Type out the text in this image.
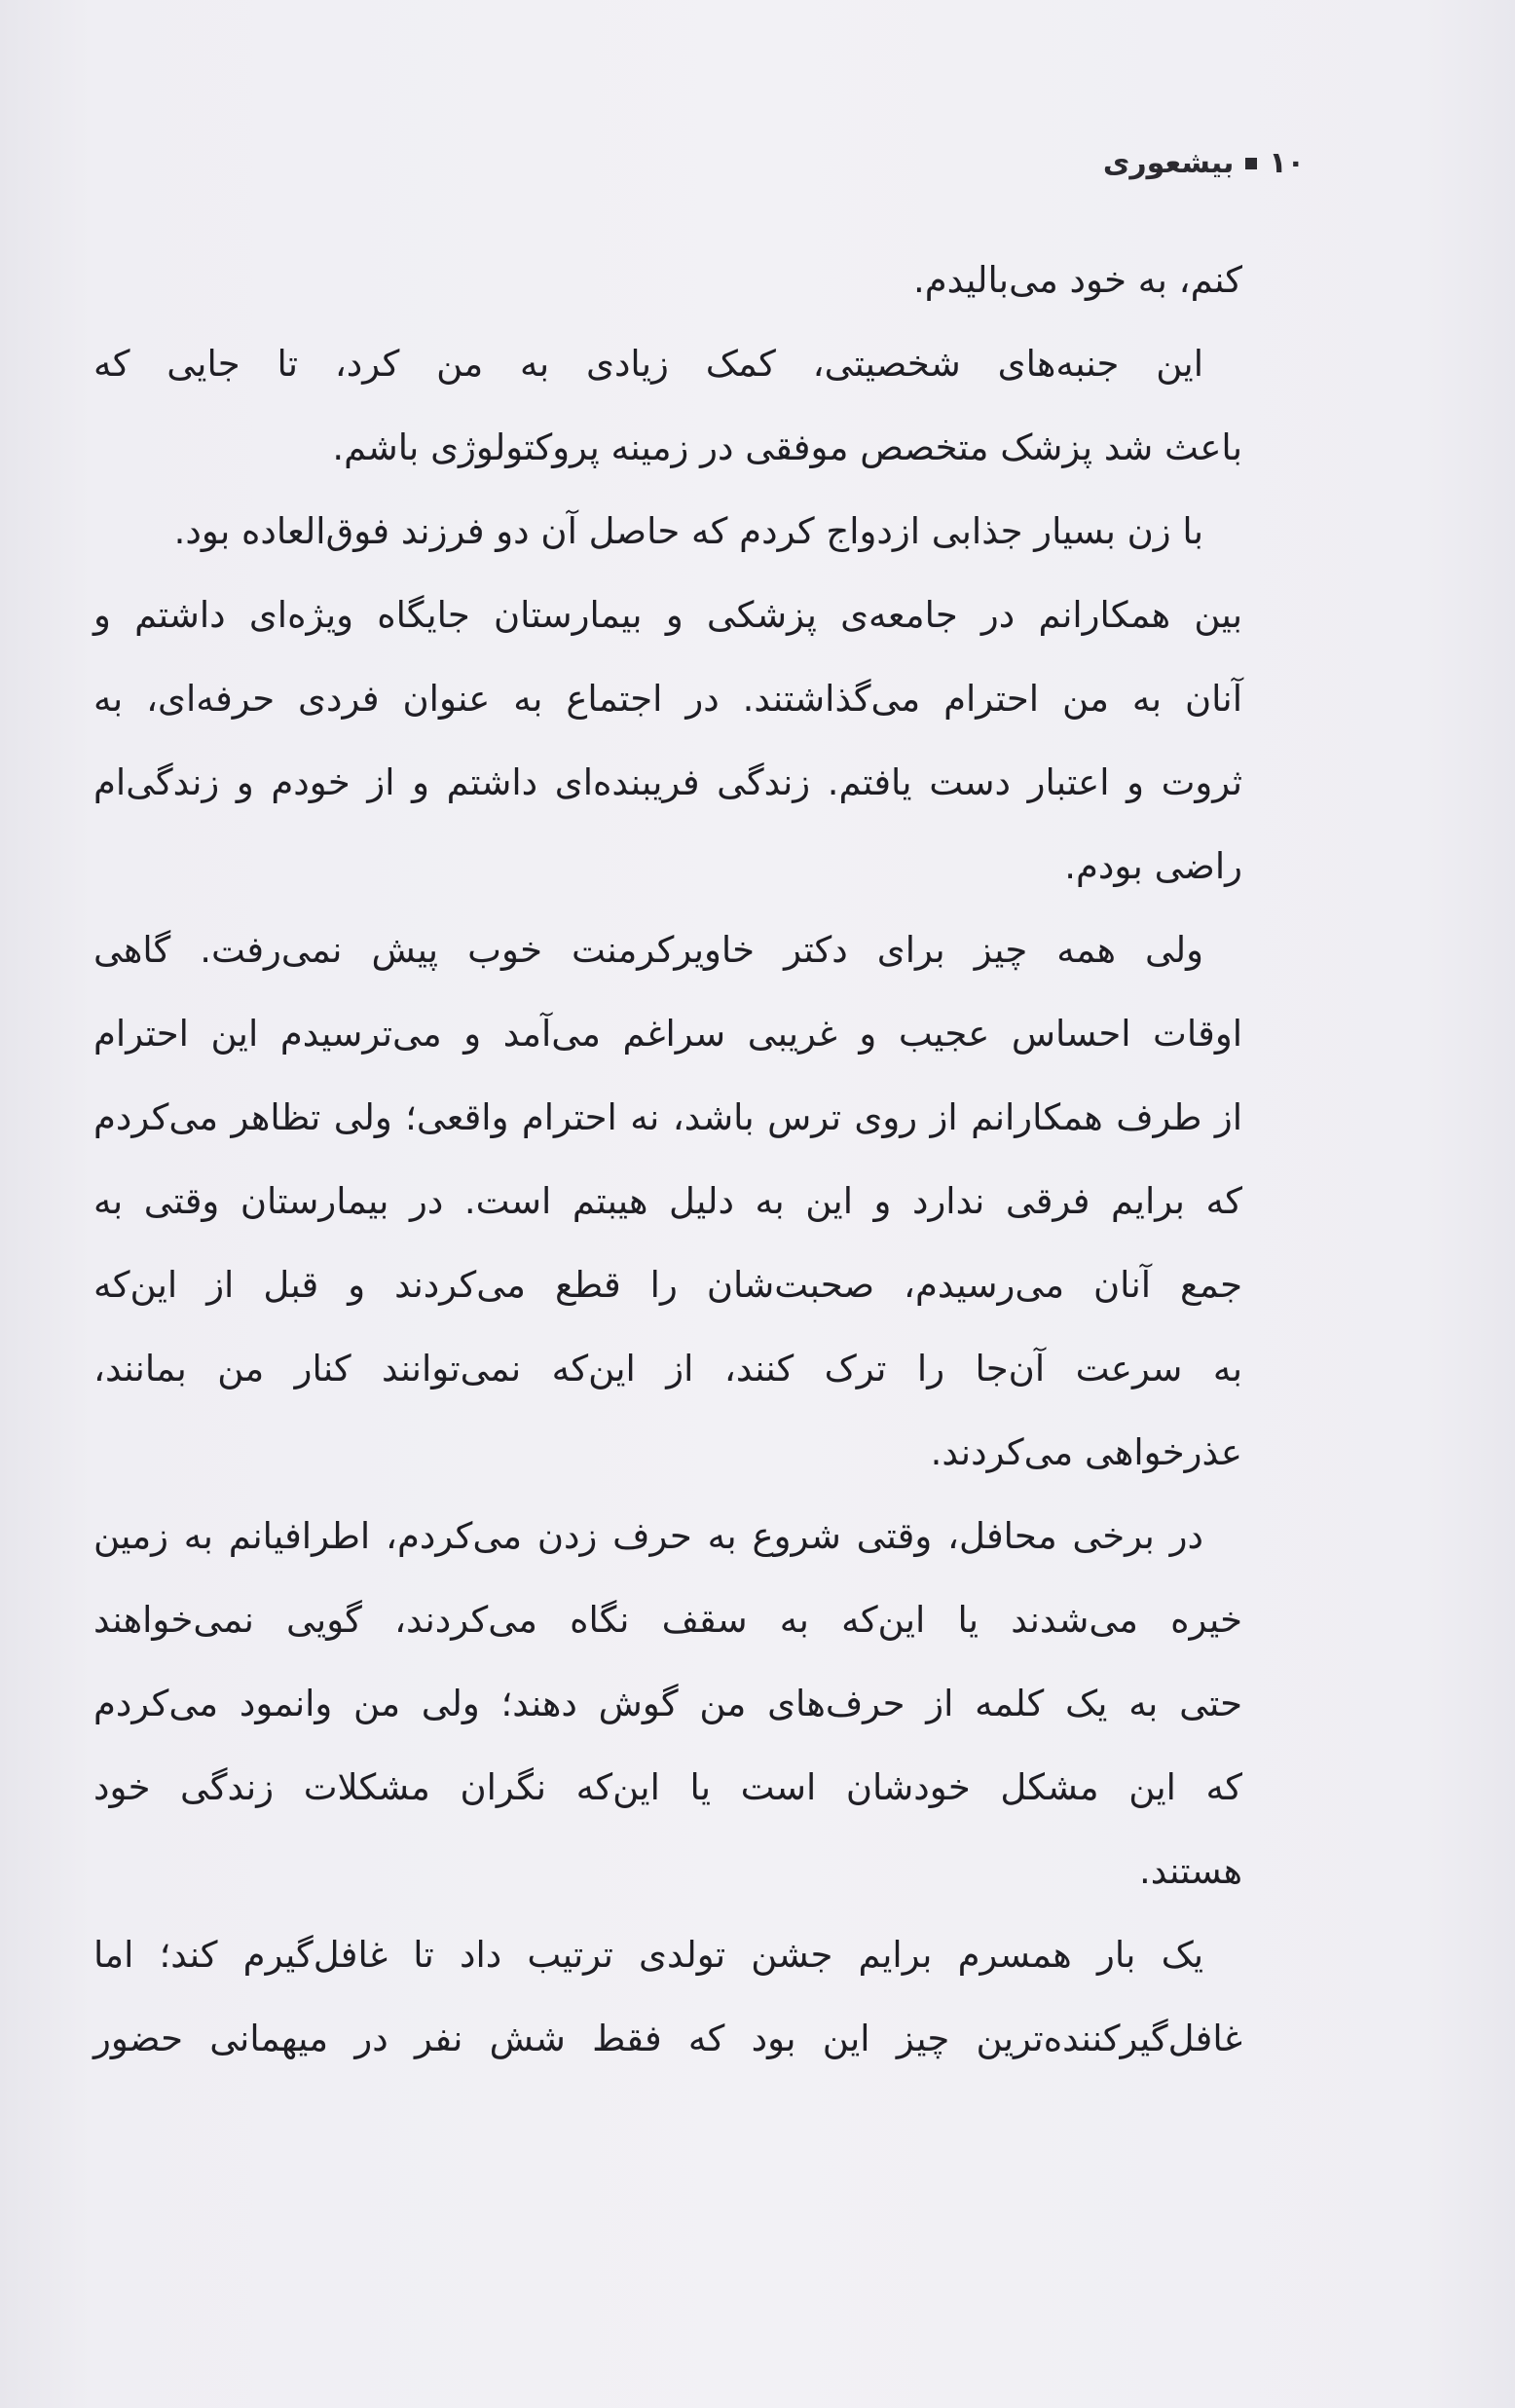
۱۰
بیشعوری
کنم، به خود می‌بالیدم.
این جنبه‌های شخصیتی، کمک زیادی به من کرد، تا جایی که
باعث شد پزشک متخصص موفقی در زمینه پروکتولوژی باشم.
با زن بسیار جذابی ازدواج کردم که حاصل آن دو فرزند فوق‌العاده بود.
بین همکارانم در جامعه‌ی پزشکی و بیمارستان جایگاه ویژه‌ای داشتم و
آنان به من احترام می‌گذاشتند. در اجتماع به عنوان فردی حرفه‌ای، به
ثروت و اعتبار دست یافتم. زندگی فریبنده‌ای داشتم و از خودم و زندگی‌ام
راضی بودم.
ولی همه چیز برای دکتر خاویرکرمنت خوب پیش نمی‌رفت. گاهی
اوقات احساس عجیب و غریبی سراغم می‌آمد و می‌ترسیدم این احترام
از طرف همکارانم از روی ترس باشد، نه احترام واقعی؛ ولی تظاهر می‌کردم
که برایم فرقی ندارد و این به دلیل هیبتم است. در بیمارستان وقتی به
جمع آنان می‌رسیدم، صحبت‌شان را قطع می‌کردند و قبل از این‌که
به سرعت آن‌جا را ترک کنند، از این‌که نمی‌توانند کنار من بمانند،
عذرخواهی می‌کردند.
در برخی محافل، وقتی شروع به حرف زدن می‌کردم، اطرافیانم به زمین
خیره می‌شدند یا این‌که به سقف نگاه می‌کردند، گویی نمی‌خواهند
حتی به یک کلمه از حرف‌های من گوش دهند؛ ولی من وانمود می‌کردم
که این مشکل خودشان است یا این‌که نگران مشکلات زندگی خود
هستند.
یک بار همسرم برایم جشن تولدی ترتیب داد تا غافل‌گیرم کند؛ اما
غافل‌گیرکننده‌ترین چیز این بود که فقط شش نفر در میهمانی حضور
